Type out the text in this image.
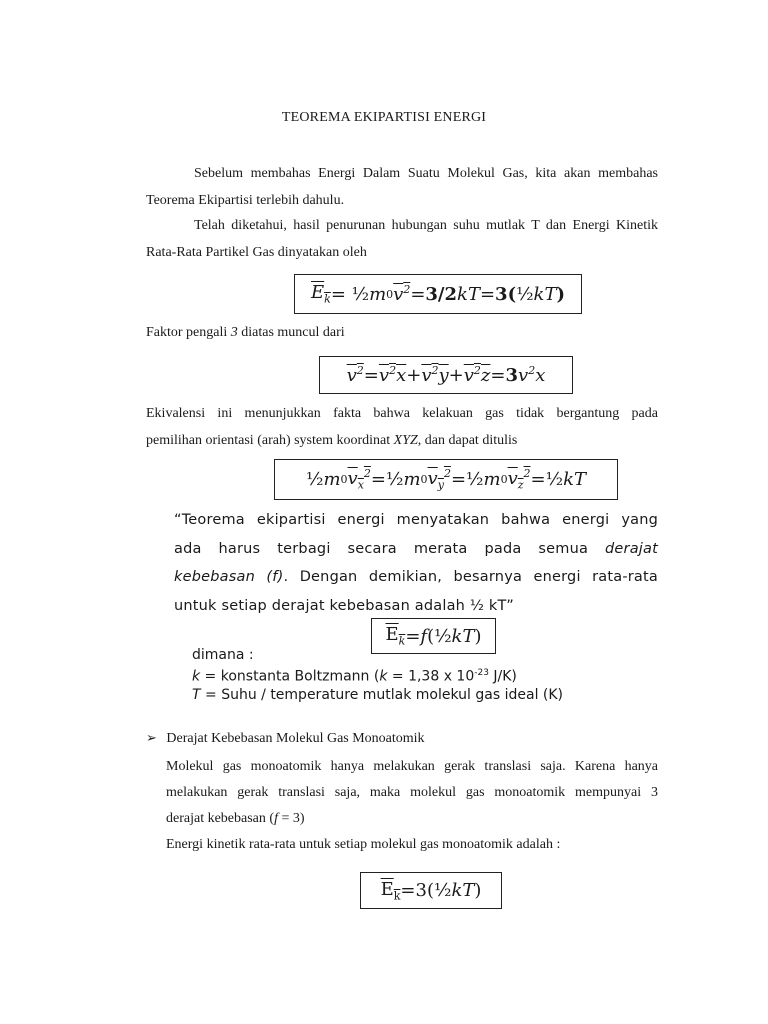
TEOREMA EKIPARTISI ENERGI
Sebelum membahas Energi Dalam Suatu Molekul Gas, kita akan membahas Teorema Ekipartisi terlebih dahulu.
Telah diketahui, hasil penurunan hubungan suhu mutlak T dan Energi Kinetik Rata-Rata Partikel Gas dinyatakan oleh
$E_k$ = ½ m 0 $v^2 = 3/2$ kT = 3( ½ kT )
Faktor pengali 3 diatas muncul dari
$v^2 = v^2x + v^2y + v^2z = 3$ $v^2x$
Ekivalensi ini menunjukkan fakta bahwa kelakuan gas tidak bergantung pada
pemilihan orientasi (arah) system koordinat XYZ, dan dapat ditulis
½ m 0 $v_x^2$ = ½ m 0 $v_y^2$ = ½ m 0 $v_z^2$ = ½ kT
“Teorema ekipartisi energi menyatakan bahwa energi yang
ada harus terbagi secara merata pada semua derajat
kebebasan (f). Dengan demikian, besarnya energi rata-rata
untuk setiap derajat kebebasan adalah ½ kT”
$E_k = f$ (½ kT )
dimana :
k = konstanta Boltzmann (k = 1,38 x $10^{-23}$ J/K)
T = Suhu / temperature mutlak molekul gas ideal (K)
➢ Derajat Kebebasan Molekul Gas Monoatomik
Molekul gas monoatomik hanya melakukan gerak translasi saja. Karena hanya
melakukan gerak translasi saja, maka molekul gas monoatomik mempunyai 3
derajat kebebasan (f = 3)
Energi kinetik rata-rata untuk setiap molekul gas monoatomik adalah :
$E_k$ = 3(½ kT )
